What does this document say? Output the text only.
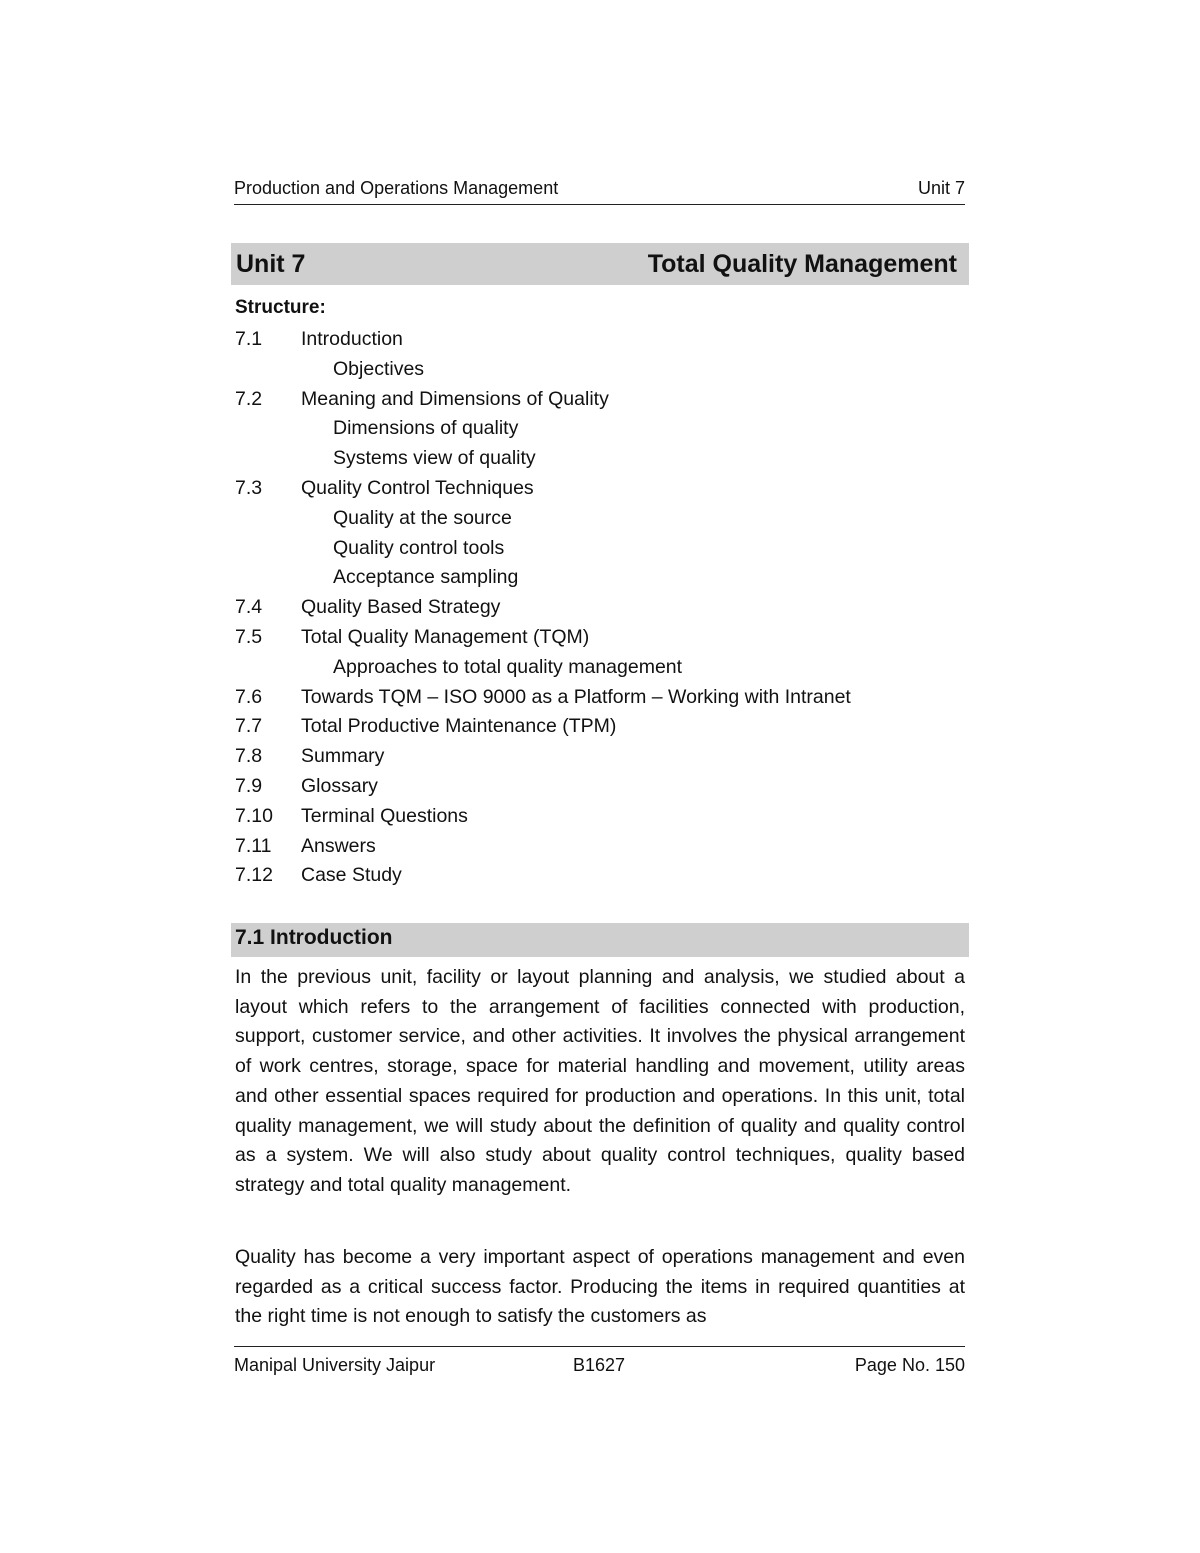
Production and Operations Management	Unit 7
Unit 7	Total Quality Management
Structure:
7.1 Introduction
Objectives
7.2 Meaning and Dimensions of Quality
Dimensions of quality
Systems view of quality
7.3 Quality Control Techniques
Quality at the source
Quality control tools
Acceptance sampling
7.4 Quality Based Strategy
7.5 Total Quality Management (TQM)
Approaches to total quality management
7.6 Towards TQM – ISO 9000 as a Platform – Working with Intranet
7.7 Total Productive Maintenance (TPM)
7.8 Summary
7.9 Glossary
7.10 Terminal Questions
7.11 Answers
7.12 Case Study
7.1 Introduction

In the previous unit, facility or layout planning and analysis, we studied about a layout which refers to the arrangement of facilities connected with production, support, customer service, and other activities. It involves the physical arrangement of work centres, storage, space for material handling and movement, utility areas and other essential spaces required for production and operations. In this unit, total quality management, we will study about the definition of quality and quality control as a system. We will also study about quality control techniques, quality based strategy and total quality management.

Quality has become a very important aspect of operations management and even regarded as a critical success factor. Producing the items in required quantities at the right time is not enough to satisfy the customers as

Manipal University Jaipur	B1627	Page No. 150
